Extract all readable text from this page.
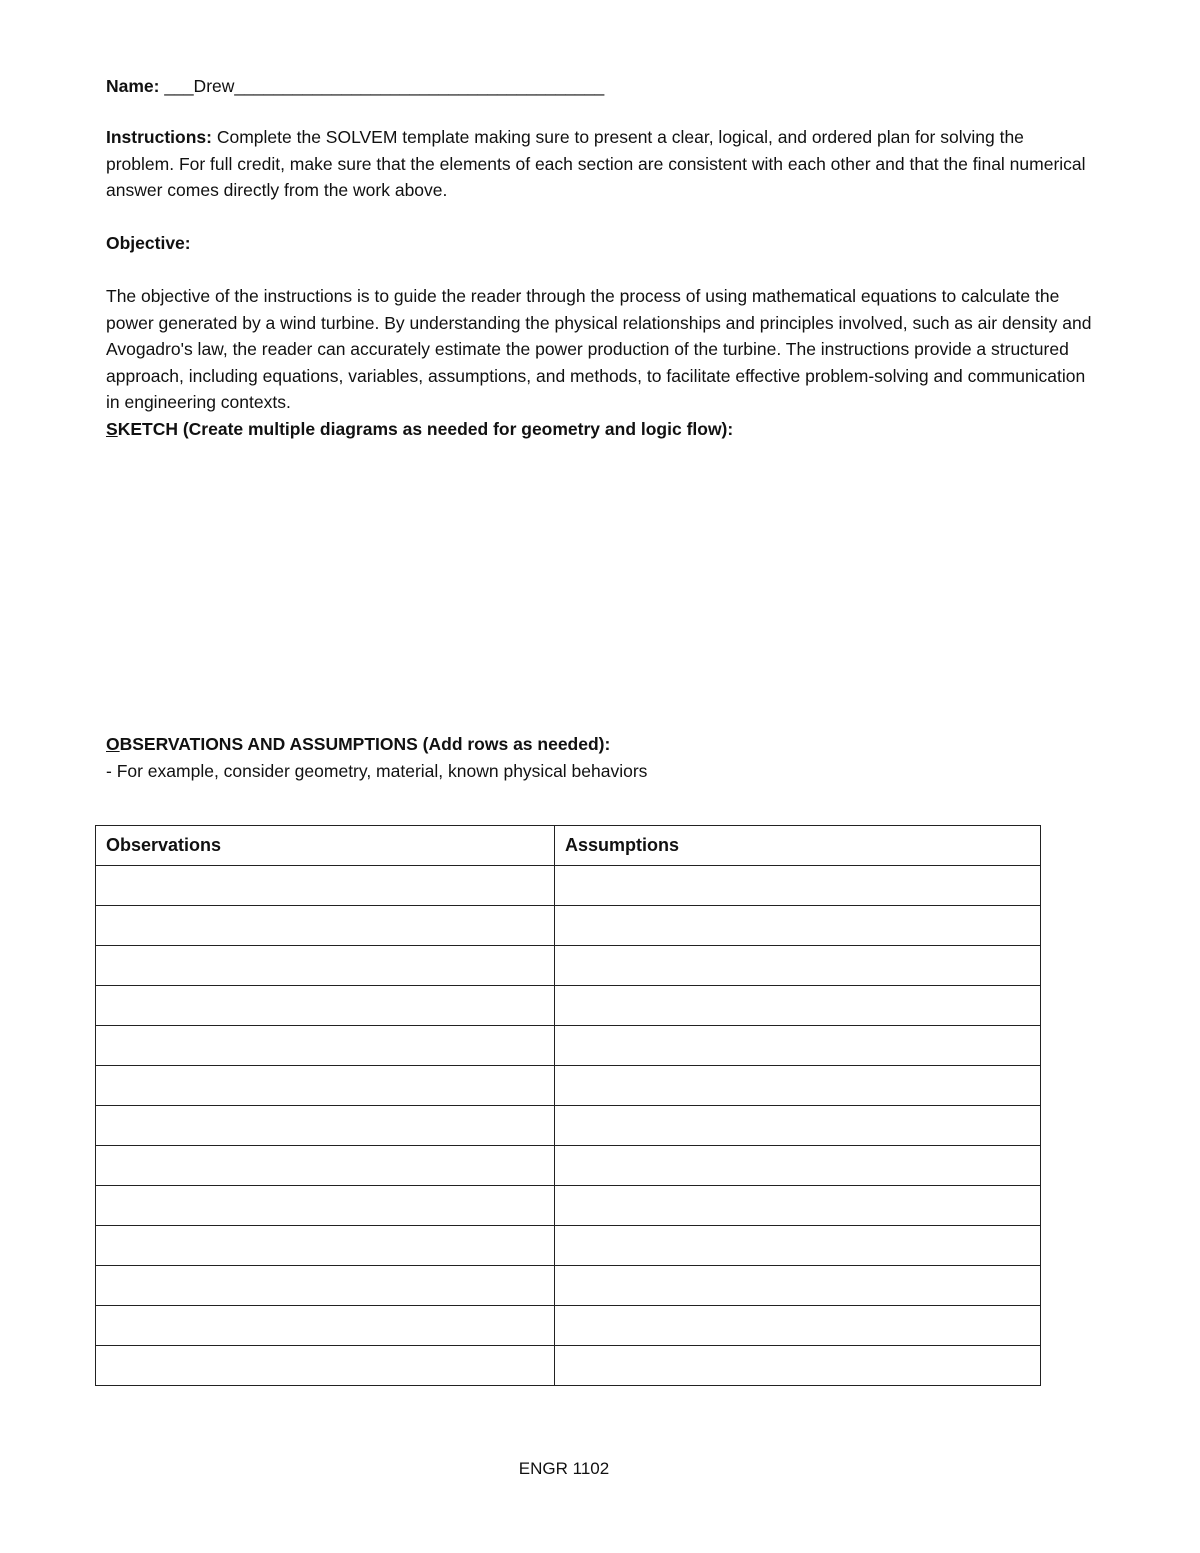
Name: ___Drew______________________________________

Instructions: Complete the SOLVEM template making sure to present a clear, logical, and ordered plan for solving the problem. For full credit, make sure that the elements of each section are consistent with each other and that the final numerical answer comes directly from the work above.

Objective:

The objective of the instructions is to guide the reader through the process of using mathematical equations to calculate the power generated by a wind turbine. By understanding the physical relationships and principles involved, such as air density and Avogadro's law, the reader can accurately estimate the power production of the turbine. The instructions provide a structured approach, including equations, variables, assumptions, and methods, to facilitate effective problem-solving and communication in engineering contexts.

SKETCH (Create multiple diagrams as needed for geometry and logic flow):
OBSERVATIONS AND ASSUMPTIONS (Add rows as needed):
- For example, consider geometry, material, known physical behaviors
Observations	Assumptions

ENGR 1102
